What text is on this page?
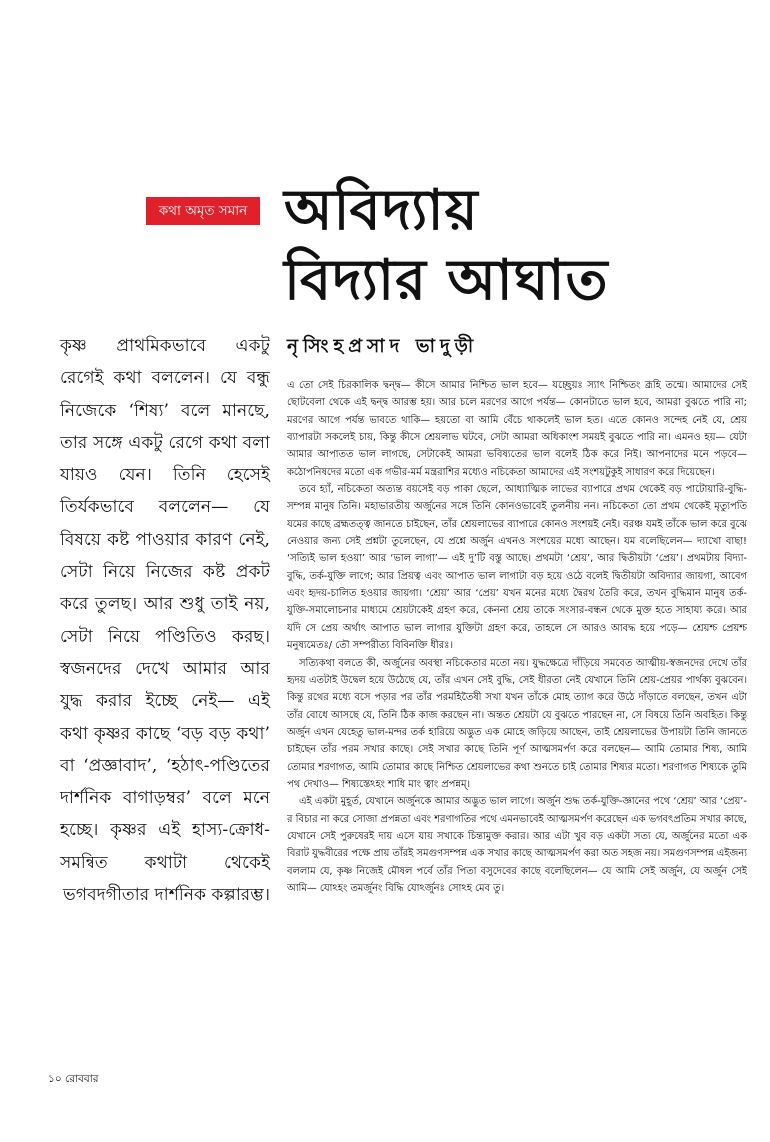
কথা অমৃত সমান অবিদ্যায়
বিদ্যার আঘাত
নৃসিংহপ্রসাদ ভাদুড়ী

কৃষ্ণ প্রাথমিকভাবে একটু রেগেই কথা বললেন। যে বন্ধু নিজেকে ‘শিষ্য’ বলে মানছে, তার সঙ্গে একটু রেগে কথা বলা যায়ও যেন। তিনি হেসেই তির্যকভাবে বললেন— যে বিষয়ে কষ্ট পাওয়ার কারণ নেই, সেটা নিয়ে নিজের কষ্ট প্রকট করে তুলছ। আর শুধু তাই নয়, সেটা নিয়ে পণ্ডিতিও করছ। স্বজনদের দেখে আমার আর যুদ্ধ করার ইচ্ছে নেই— এই কথা কৃষ্ণর কাছে ‘বড় বড় কথা’ বা ‘প্রজ্ঞাবাদ’, ‘হঠাৎ-পণ্ডিতের দার্শনিক বাগাড়ম্বর’ বলে মনে হচ্ছে। কৃষ্ণর এই হাস্য-ক্রোধ-সমন্বিত কথাটা থেকেই ভগবদগীতার দার্শনিক কল্পারম্ভ।

এ তো সেই চিরকালিক দ্বন্দ্ব— কীসে আমার নিশ্চিত ভাল হবে— যচ্ছ্রেয়ঃ স্যাৎ নিশ্চিতং ব্রূহি তন্মে। আমাদের সেই ছোটবেলা থেকে এই দ্বন্দ্ব আরম্ভ হয়। আর চলে মরণের আগে পর্যন্ত— কোনটাতে ভাল হবে, আমরা বুঝতে পারি না; মরণের আগে পর্যন্ত ভাবতে থাকি— হয়তো বা আমি বেঁচে থাকলেই ভাল হত। এতে কোনও সন্দেহ নেই যে, শ্রেয় ব্যাপারটা সকলেই চায়, কিন্তু কীসে শ্রেয়লাভ ঘটবে, সেটা আমরা অধিকাংশ সময়ই বুঝতে পারি না। এমনও হয়— যেটা আমার আপাতত ভাল লাগছে, সেটাকেই আমরা ভবিষ্যতের ভাল বলেই ঠিক করে নিই। আপনাদের মনে পড়বে— কঠোপনিষদের মতো এক গভীর-মর্ম মন্ত্ররাশির মধ্যেও নচিকেতা আমাদের এই সংশয়টুকুই সাধারণ করে দিয়েছেন।

তবে হ্যাঁ, নচিকেতা অত্যন্ত বয়সেই বড় পাকা ছেলে, আধ্যাত্মিক লাভের ব্যাপারে প্রথম থেকেই বড় পাটোয়ারি-বুদ্ধি-সম্পন্ন মানুষ তিনি। মহাভারতীয় অর্জুনের সঙ্গে তিনি কোনওভাবেই তুলনীয় নন। নচিকেতা তো প্রথম থেকেই মৃত্যুপতি যমের কাছে ব্রহ্মতত্ত্ব জানতে চাইছেন, তাঁর শ্রেয়লাভের ব্যাপারে কোনও সংশয়ই নেই। বরঞ্চ যমই তাঁকে ভাল করে বুঝে নেওয়ার জন্য সেই প্রশ্নটা তুলেছেন, যে প্রশ্নে অর্জুন এখনও সংশয়ের মধ্যে আছেন। যম বলেছিলেন— দ্যাখো বাছা! ‘সত্যিই ভাল হওয়া’ আর ‘ভাল লাগা’— এই দু’টি বস্তু আছে। প্রথমটা ‘শ্রেয়’, আর দ্বিতীয়টা ‘প্রেয়’। প্রথমটায় বিদ্যা-বুদ্ধি, তর্ক-যুক্তি লাগে; আর প্রিয়ত্ব এবং আপাত ভাল লাগাটা বড় হয়ে ওঠে বলেই দ্বিতীয়টা অবিদ্যার জায়গা, আবেগ এবং হৃদয়-চালিত হওয়ার জায়গা। ‘শ্রেয়’ আর ‘প্রেয়’ যখন মনের মধ্যে দ্বৈরথ তৈরি করে, তখন বুদ্ধিমান মানুষ তর্ক-যুক্তি-সমালোচনার মাধ্যমে শ্রেয়টাকেই গ্রহণ করে, কেননা শ্রেয় তাকে সংসার-বন্ধন থেকে মুক্ত হতে সাহায্য করে। আর যদি সে প্রেয় অর্থাৎ আপাত ভাল লাগার যুক্তিটা গ্রহণ করে, তাহলে সে আরও আবদ্ধ হয়ে পড়ে— শ্রেয়শ্চ প্রেয়শ্চ মনুষ্যমেতঃ/ তৌ সম্পরীত্য বিবিনক্তি ধীরঃ।

সত্যিকথা বলতে কী, অর্জুনের অবস্থা নচিকেতার মতো নয়। যুদ্ধক্ষেত্রে দাঁড়িয়ে সমবেত আত্মীয়-স্বজনদের দেখে তাঁর হৃদয় এতটাই উদ্বেল হয়ে উঠেছে যে, তাঁর এখন সেই বুদ্ধি, সেই ধীরতা নেই যেখানে তিনি শ্রেয়-প্রেয়র পার্থক্য বুঝবেন। কিন্তু রথের মধ্যে বসে পড়ার পর তাঁর পরমহিতৈষী সখা যখন তাঁকে মোহ ত্যাগ করে উঠে দাঁড়াতে বলছেন, তখন এটা তাঁর বোধে আসছে যে, তিনি ঠিক কাজ করছেন না। অন্তত শ্রেয়টা যে বুঝতে পারছেন না, সে বিষয়ে তিনি অবহিত। কিন্তু অর্জুন এখন যেহেতু ভাল-মন্দর তর্ক হারিয়ে অদ্ভুত এক মোহে জড়িয়ে আছেন, তাই শ্রেয়লাভের উপায়টা তিনি জানতে চাইছেন তাঁর পরম সখার কাছে। সেই সখার কাছে তিনি পূর্ণ আত্মসমর্পণ করে বলছেন— আমি তোমার শিষ্য, আমি তোমার শরণাগত, আমি তোমার কাছে নিশ্চিত শ্রেয়লাভের কথা শুনতে চাই তোমার শিষ্যর মতো। শরণাগত শিষ্যকে তুমি পথ দেখাও— শিষ্যস্তেঽহং শাধি মাং ত্বাং প্রপন্নম্।

এই একটা মুহূর্ত, যেখানে অর্জুনকে আমার অদ্ভুত ভাল লাগে। অর্জুন শুদ্ধ তর্ক-যুক্তি-জ্ঞানের পথে ‘শ্রেয়’ আর ‘প্রেয়’-র বিচার না করে সোজা প্রপন্নতা এবং শরণাগতির পথে এমনভাবেই আত্মসমর্পণ করেছেন এক ভগবৎপ্রতিম সখার কাছে, যেখানে সেই পুরুষেরই দায় এসে যায় সখাকে চিন্তামুক্ত করার। আর এটা খুব বড় একটা সত্য যে, অর্জুনের মতো এক বিরাট যুদ্ধবীরের পক্ষে প্রায় তাঁরই সমগুণসম্পন্ন এক সখার কাছে আত্মসমর্পণ করা অত সহজ নয়। সমগুণসম্পন্ন এইজন্য বললাম যে, কৃষ্ণ নিজেই মৌষল পর্বে তাঁর পিতা বসুদেবের কাছে বলেছিলেন— যে আমি সেই অর্জুন, যে অর্জুন সেই আমি— যোঽহং তমর্জুনং বিদ্ধি যোঽর্জুনঃ সোঽহ মেব তু।

১০ রোববার
